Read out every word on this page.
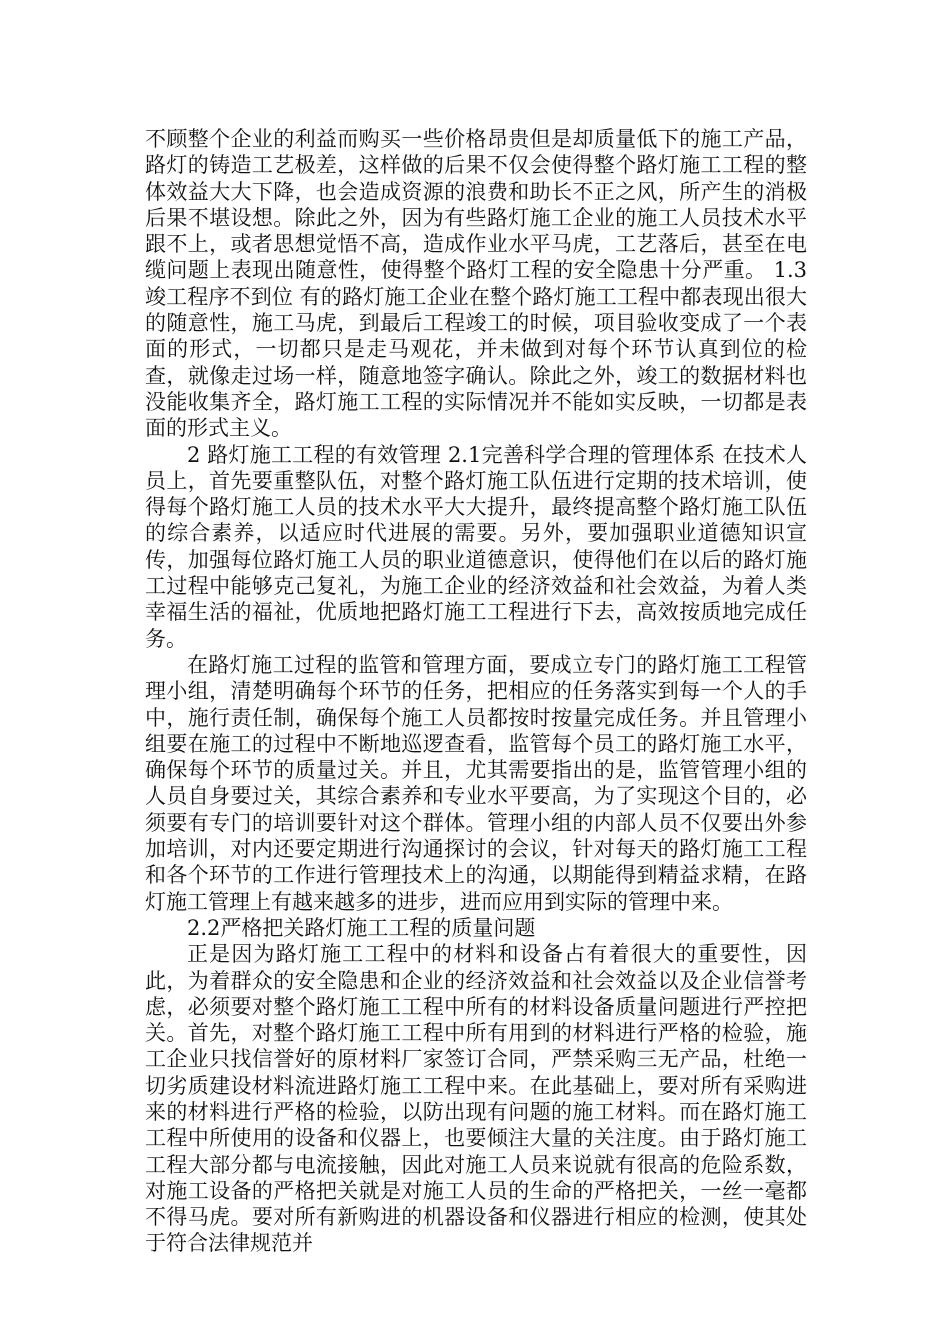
不顾整个企业的利益而购买一些价格昂贵但是却质量低下的施工产品，路灯的铸造工艺极差，这样做的后果不仅会使得整个路灯施工工程的整体效益大大下降，也会造成资源的浪费和助长不正之风，所产生的消极后果不堪设想。除此之外，因为有些路灯施工企业的施工人员技术水平跟不上，或者思想觉悟不高，造成作业水平马虎，工艺落后，甚至在电缆问题上表现出随意性，使得整个路灯工程的安全隐患十分严重。 1.3竣工程序不到位 有的路灯施工企业在整个路灯施工工程中都表现出很大的随意性，施工马虎，到最后工程竣工的时候，项目验收变成了一个表面的形式，一切都只是走马观花，并未做到对每个环节认真到位的检查，就像走过场一样，随意地签字确认。除此之外，竣工的数据材料也没能收集齐全，路灯施工工程的实际情况并不能如实反映，一切都是表面的形式主义。

2 路灯施工工程的有效管理 2.1完善科学合理的管理体系 在技术人员上，首先要重整队伍，对整个路灯施工队伍进行定期的技术培训，使得每个路灯施工人员的技术水平大大提升，最终提高整个路灯施工队伍的综合素养，以适应时代进展的需要。另外，要加强职业道德知识宣传，加强每位路灯施工人员的职业道德意识，使得他们在以后的路灯施工过程中能够克己复礼，为施工企业的经济效益和社会效益，为着人类幸福生活的福祉，优质地把路灯施工工程进行下去，高效按质地完成任务。

在路灯施工过程的监管和管理方面，要成立专门的路灯施工工程管理小组，清楚明确每个环节的任务，把相应的任务落实到每一个人的手中，施行责任制，确保每个施工人员都按时按量完成任务。并且管理小组要在施工的过程中不断地巡逻查看，监管每个员工的路灯施工水平，确保每个环节的质量过关。并且，尤其需要指出的是，监管管理小组的人员自身要过关，其综合素养和专业水平要高，为了实现这个目的，必须要有专门的培训要针对这个群体。管理小组的内部人员不仅要出外参加培训，对内还要定期进行沟通探讨的会议，针对每天的路灯施工工程和各个环节的工作进行管理技术上的沟通，以期能得到精益求精，在路灯施工管理上有越来越多的进步，进而应用到实际的管理中来。

2.2严格把关路灯施工工程的质量问题

正是因为路灯施工工程中的材料和设备占有着很大的重要性，因此，为着群众的安全隐患和企业的经济效益和社会效益以及企业信誉考虑，必须要对整个路灯施工工程中所有的材料设备质量问题进行严控把关。首先，对整个路灯施工工程中所有用到的材料进行严格的检验，施工企业只找信誉好的原材料厂家签订合同，严禁采购三无产品，杜绝一切劣质建设材料流进路灯施工工程中来。在此基础上，要对所有采购进来的材料进行严格的检验，以防出现有问题的施工材料。而在路灯施工工程中所使用的设备和仪器上，也要倾注大量的关注度。由于路灯施工工程大部分都与电流接触，因此对施工人员来说就有很高的危险系数，对施工设备的严格把关就是对施工人员的生命的严格把关，一丝一毫都不得马虎。要对所有新购进的机器设备和仪器进行相应的检测，使其处于符合法律规范并
